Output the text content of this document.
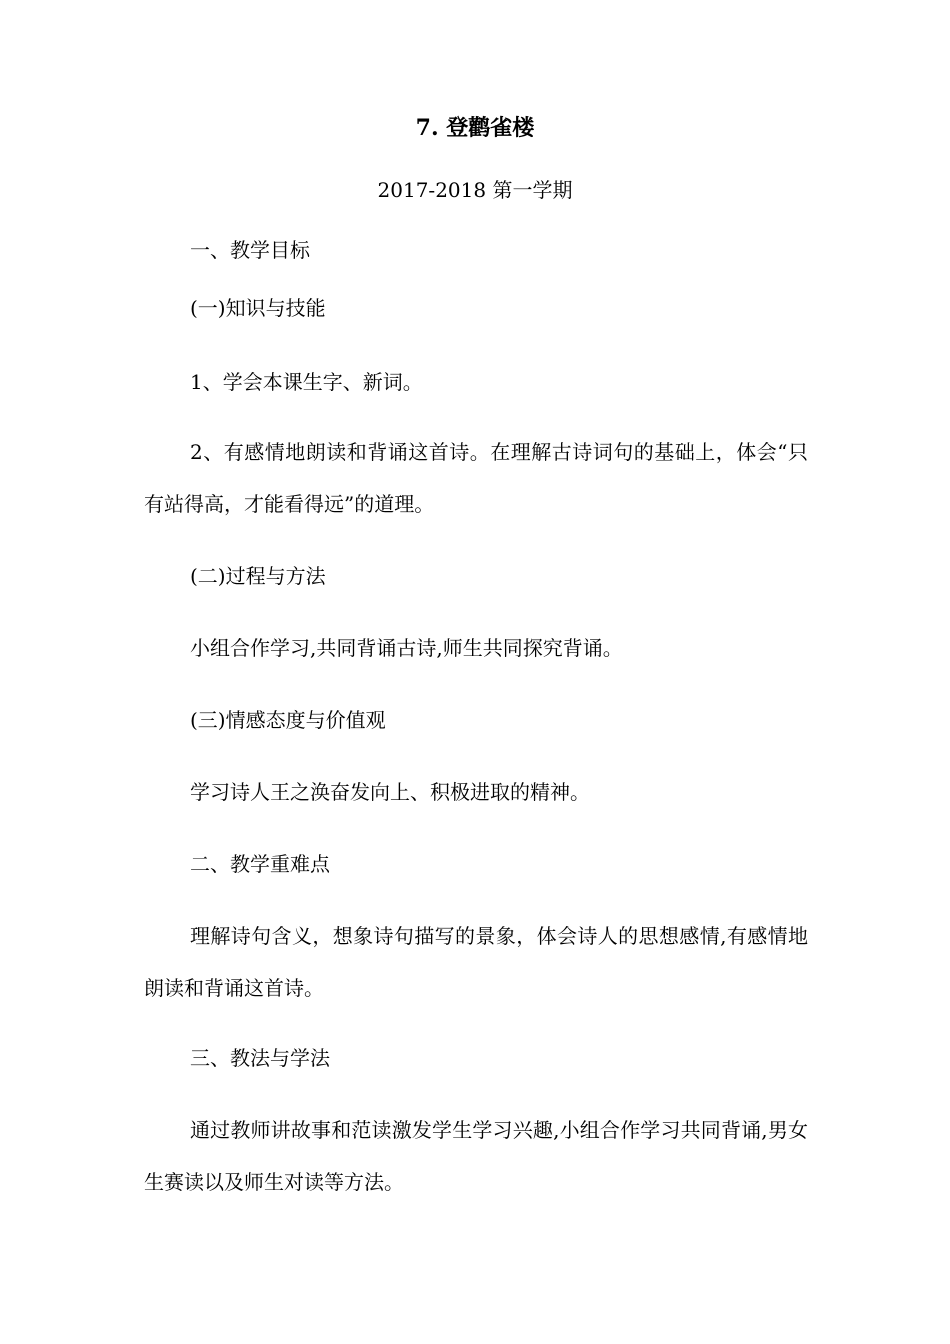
7. 登鹳雀楼
2017-2018 第一学期
一、教学目标
(一)知识与技能
1、学会本课生字、新词。
2、有感情地朗读和背诵这首诗。在理解古诗词句的基础上，体会“只有站得高，才能看得远”的道理。
(二)过程与方法
小组合作学习,共同背诵古诗,师生共同探究背诵。
(三)情感态度与价值观
学习诗人王之涣奋发向上、积极进取的精神。
二、教学重难点
理解诗句含义，想象诗句描写的景象，体会诗人的思想感情,有感情地朗读和背诵这首诗。
三、教法与学法
通过教师讲故事和范读激发学生学习兴趣,小组合作学习共同背诵,男女生赛读以及师生对读等方法。
